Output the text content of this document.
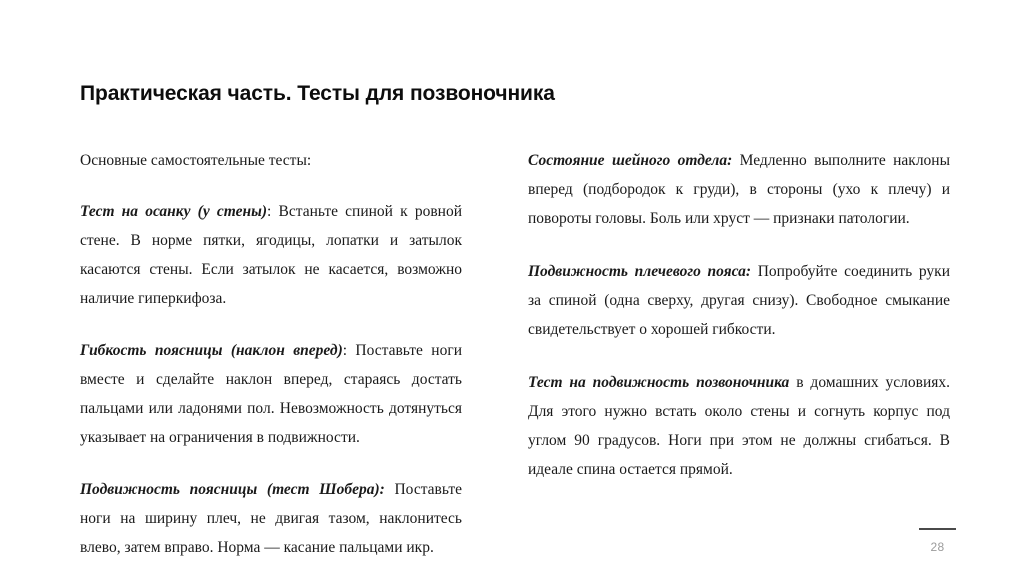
Практическая часть. Тесты для позвоночника

Основные самостоятельные тесты:

Тест на осанку (у стены): Встаньте спиной к ровной стене. В норме пятки, ягодицы, лопатки и затылок касаются стены. Если затылок не касается, возможно наличие гиперкифоза.

Гибкость поясницы (наклон вперед): Поставьте ноги вместе и сделайте наклон вперед, стараясь достать пальцами или ладонями пол. Невозможность дотянуться указывает на ограничения в подвижности.

Подвижность поясницы (тест Шобера): Поставьте ноги на ширину плеч, не двигая тазом, наклонитесь влево, затем вправо. Норма — касание пальцами икр.

Состояние шейного отдела: Медленно выполните наклоны вперед (подбородок к груди), в стороны (ухо к плечу) и повороты головы. Боль или хруст — признаки патологии.

Подвижность плечевого пояса: Попробуйте соединить руки за спиной (одна сверху, другая снизу). Свободное смыкание свидетельствует о хорошей гибкости.

Тест на подвижность позвоночника в домашних условиях. Для этого нужно встать около стены и согнуть корпус под углом 90 градусов. Ноги при этом не должны сгибаться. В идеале спина остается прямой.

28
